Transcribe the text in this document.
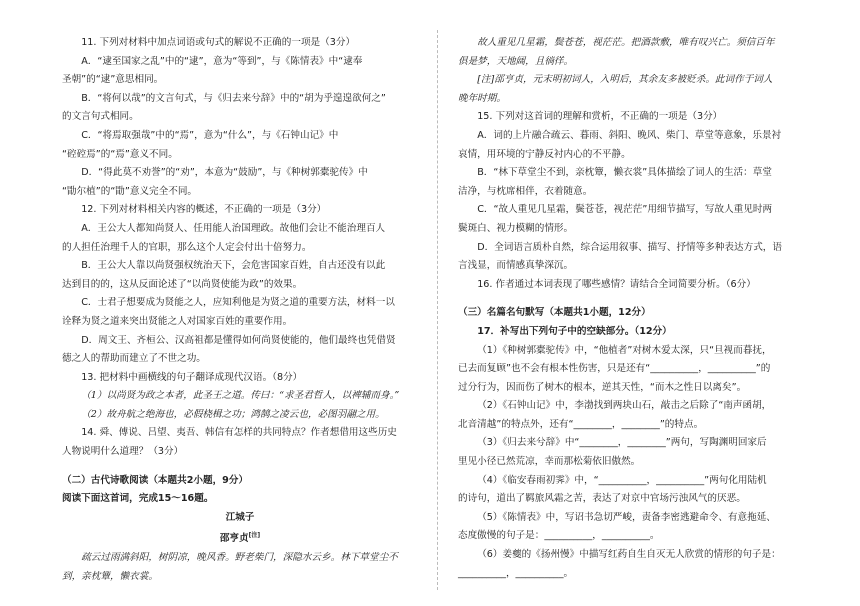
11. 下列对材料中加点词语或句式的解说不正确的一项是（3分）

A．“逮至国家之乱”中的“逮”，意为“等到”，与《陈情表》中“逮奉

圣朝”的“逮”意思相同。

B．“将何以哉”的文言句式，与《归去来兮辞》中的“胡为乎遑遑欲何之”

的文言句式相同。

C．“将焉取强哉”中的“焉”，意为“什么”，与《石钟山记》中

“硿硿焉”的“焉”意义不同。

D．“得此莫不劝誉”的“劝”，本意为“鼓励”，与《种树郭橐驼传》中

“勖尔植”的“勖”意义完全不同。

12. 下列对材料相关内容的概述，不正确的一项是（3分）

A．王公大人都知尚贤人、任用能人治国理政。故他们会让不能治理百人

的人担任治理千人的官职，那么这个人定会付出十倍努力。

B．王公大人靠以尚贤强权统治天下，会危害国家百姓，自古还没有以此

达到目的的，这从反面论述了“以尚贤使能为政”的效果。

C．士君子想要成为贤能之人，应知利他是为贤之道的重要方法，材料一以

诠释为贤之道来突出贤能之人对国家百姓的重要作用。

D．周文王、齐桓公、汉高祖都是懂得如何尚贤使能的，他们最终也凭借贤

德之人的帮助而建立了不世之功。

13. 把材料中画横线的句子翻译成现代汉语。（8分）

（1）以尚贤为政之本者，此圣王之道。传曰：“求圣君哲人，以裨辅而身。”

（2）故舟航之绝海也，必假桡楫之功；鸿鹄之凌云也，必图羽翮之用。

14. 舜、傅说、吕望、夷吾、韩信有怎样的共同特点？作者想借用这些历史

人物说明什么道理？（3分）

（二）古代诗歌阅读（本题共2小题，9分）

阅读下面这首词，完成15～16题。

江城子

邵亨贞[注]

疏云过雨满斜阳，树阴凉，晚风香。野老柴门，深隐水云乡。林下草堂尘不

到，亲枕簟，懒衣裳。

故人重见几星霜，鬓苍苍，视茫茫。把酒款敷，唯有叹兴亡。须信百年

俱是梦，天地阔，且徜徉。

[注]邵亨贞，元末明初词人，入明后，其余友多被贬杀。此词作于词人

晚年时期。

15. 下列对这首词的理解和赏析，不正确的一项是（3分）

A．词的上片融合疏云、暮雨、斜阳、晚风、柴门、草堂等意象，乐景衬

哀情，用环境的宁静反衬内心的不平静。

B．“林下草堂尘不到，亲枕簟，懒衣裳”具体描绘了词人的生活：草堂

洁净，与枕席相伴，衣着随意。

C．“故人重见几星霜，鬓苍苍，视茫茫”用细节描写，写故人重见时两

鬓斑白、视力模糊的情形。

D．全词语言质朴自然，综合运用叙事、描写、抒情等多种表达方式，语

言浅显，而情感真挚深沉。

16. 作者通过本词表现了哪些感情？请结合全词简要分析。（6分）

（三）名篇名句默写（本题共1小题，12分）

17．补写出下列句子中的空缺部分。（12分）

（1）《种树郭橐驼传》中，“他植者”对树木爱太深，只“旦视而暮抚，

已去而复顾”也不会有根本性伤害，只是还有“__________，__________”的

过分行为，因而伤了树木的根本，逆其天性，“而木之性日以离矣”。

（2）《石钟山记》中，李渤找到两块山石，敲击之后除了“南声函胡，

北音清越”的特点外，还有“________，________”的特点。

（3）《归去来兮辞》中“________，________”两句，写陶渊明回家后

里见小径已然荒凉，幸而那松菊依旧傲然。

（4）《临安春雨初霁》中，“__________，__________”两句化用陆机

的诗句，道出了羁旅风霜之苦，表达了对京中官场污浊风气的厌恶。

（5）《陈情表》中，写诏书急切严峻，责备李密逃避命令、有意拖延、

态度傲慢的句子是：__________，__________。

（6）姜夔的《扬州慢》中描写红药自生自灭无人欣赏的情形的句子是：

__________，__________。
